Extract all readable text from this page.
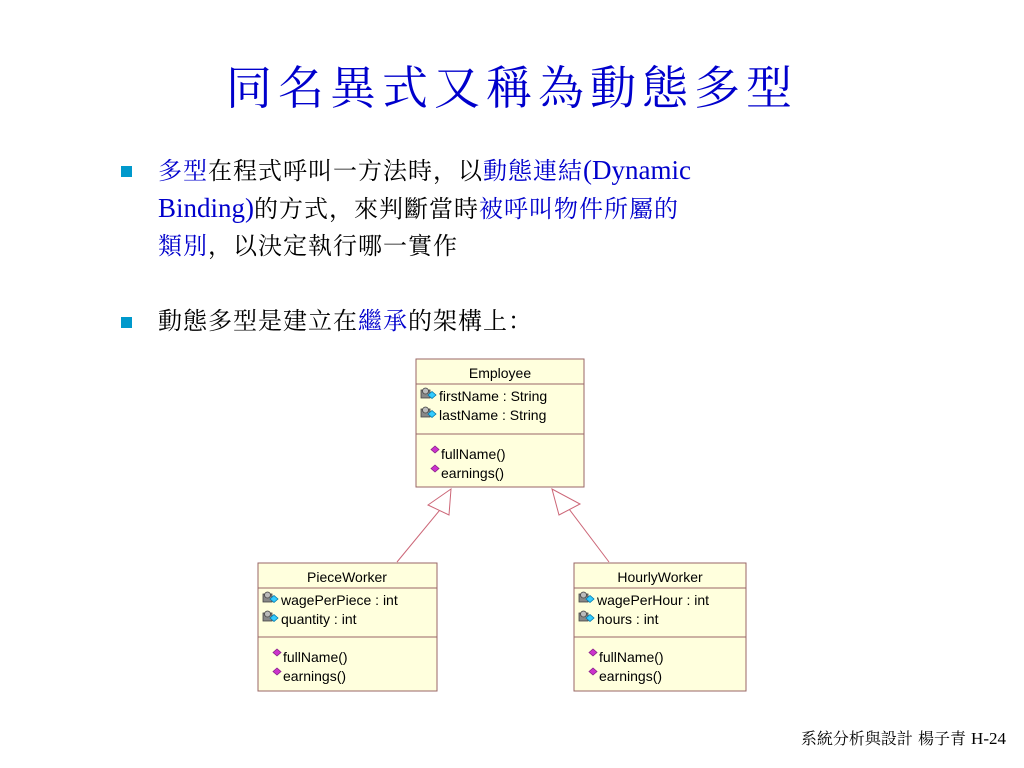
同名異式又稱為動態多型
多型在程式呼叫一方法時，以動態連結(Dynamic
Binding)的方式，來判斷當時被呼叫物件所屬的
類別，以決定執行哪一實作
動態多型是建立在繼承的架構上：
Employee
firstName : String
lastName : String
fullName()
earnings()
PieceWorker
wagePerPiece : int
quantity : int
fullName()
earnings()
HourlyWorker
wagePerHour : int
hours : int
fullName()
earnings()
系統分析與設計 楊子青 H-24
